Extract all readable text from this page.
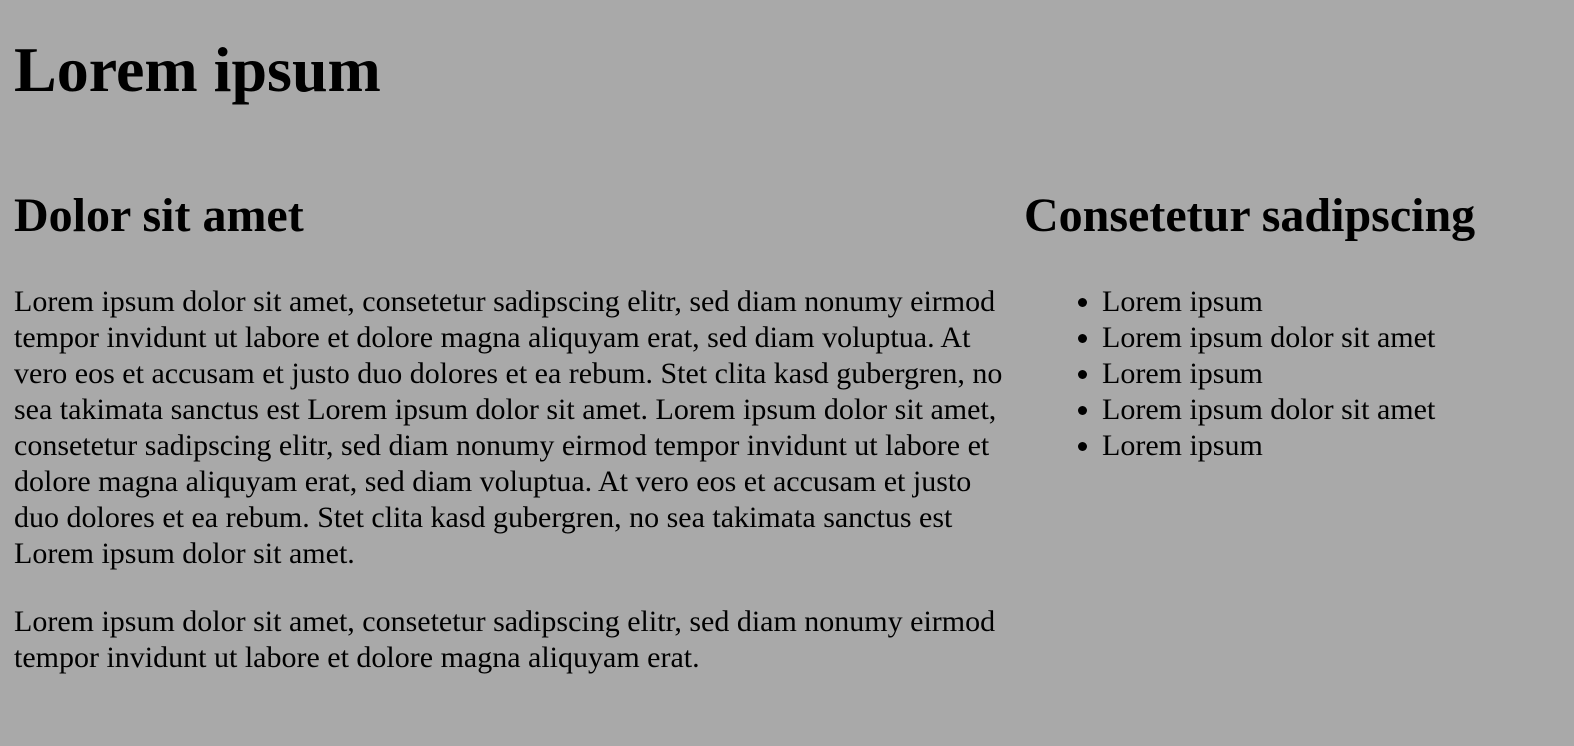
Lorem ipsum
Dolor sit amet

Lorem ipsum dolor sit amet, consetetur sadipscing elitr, sed diam nonumy eirmod tempor invidunt ut labore et dolore magna aliquyam erat, sed diam voluptua. At vero eos et accusam et justo duo dolores et ea rebum. Stet clita kasd gubergren, no sea takimata sanctus est Lorem ipsum dolor sit amet. Lorem ipsum dolor sit amet, consetetur sadipscing elitr, sed diam nonumy eirmod tempor invidunt ut labore et dolore magna aliquyam erat, sed diam voluptua. At vero eos et accusam et justo duo dolores et ea rebum. Stet clita kasd gubergren, no sea takimata sanctus est Lorem ipsum dolor sit amet.

Lorem ipsum dolor sit amet, consetetur sadipscing elitr, sed diam nonumy eirmod tempor invidunt ut labore et dolore magna aliquyam erat.

Consetetur sadipscing
• Lorem ipsum
• Lorem ipsum dolor sit amet
• Lorem ipsum
• Lorem ipsum dolor sit amet
• Lorem ipsum
